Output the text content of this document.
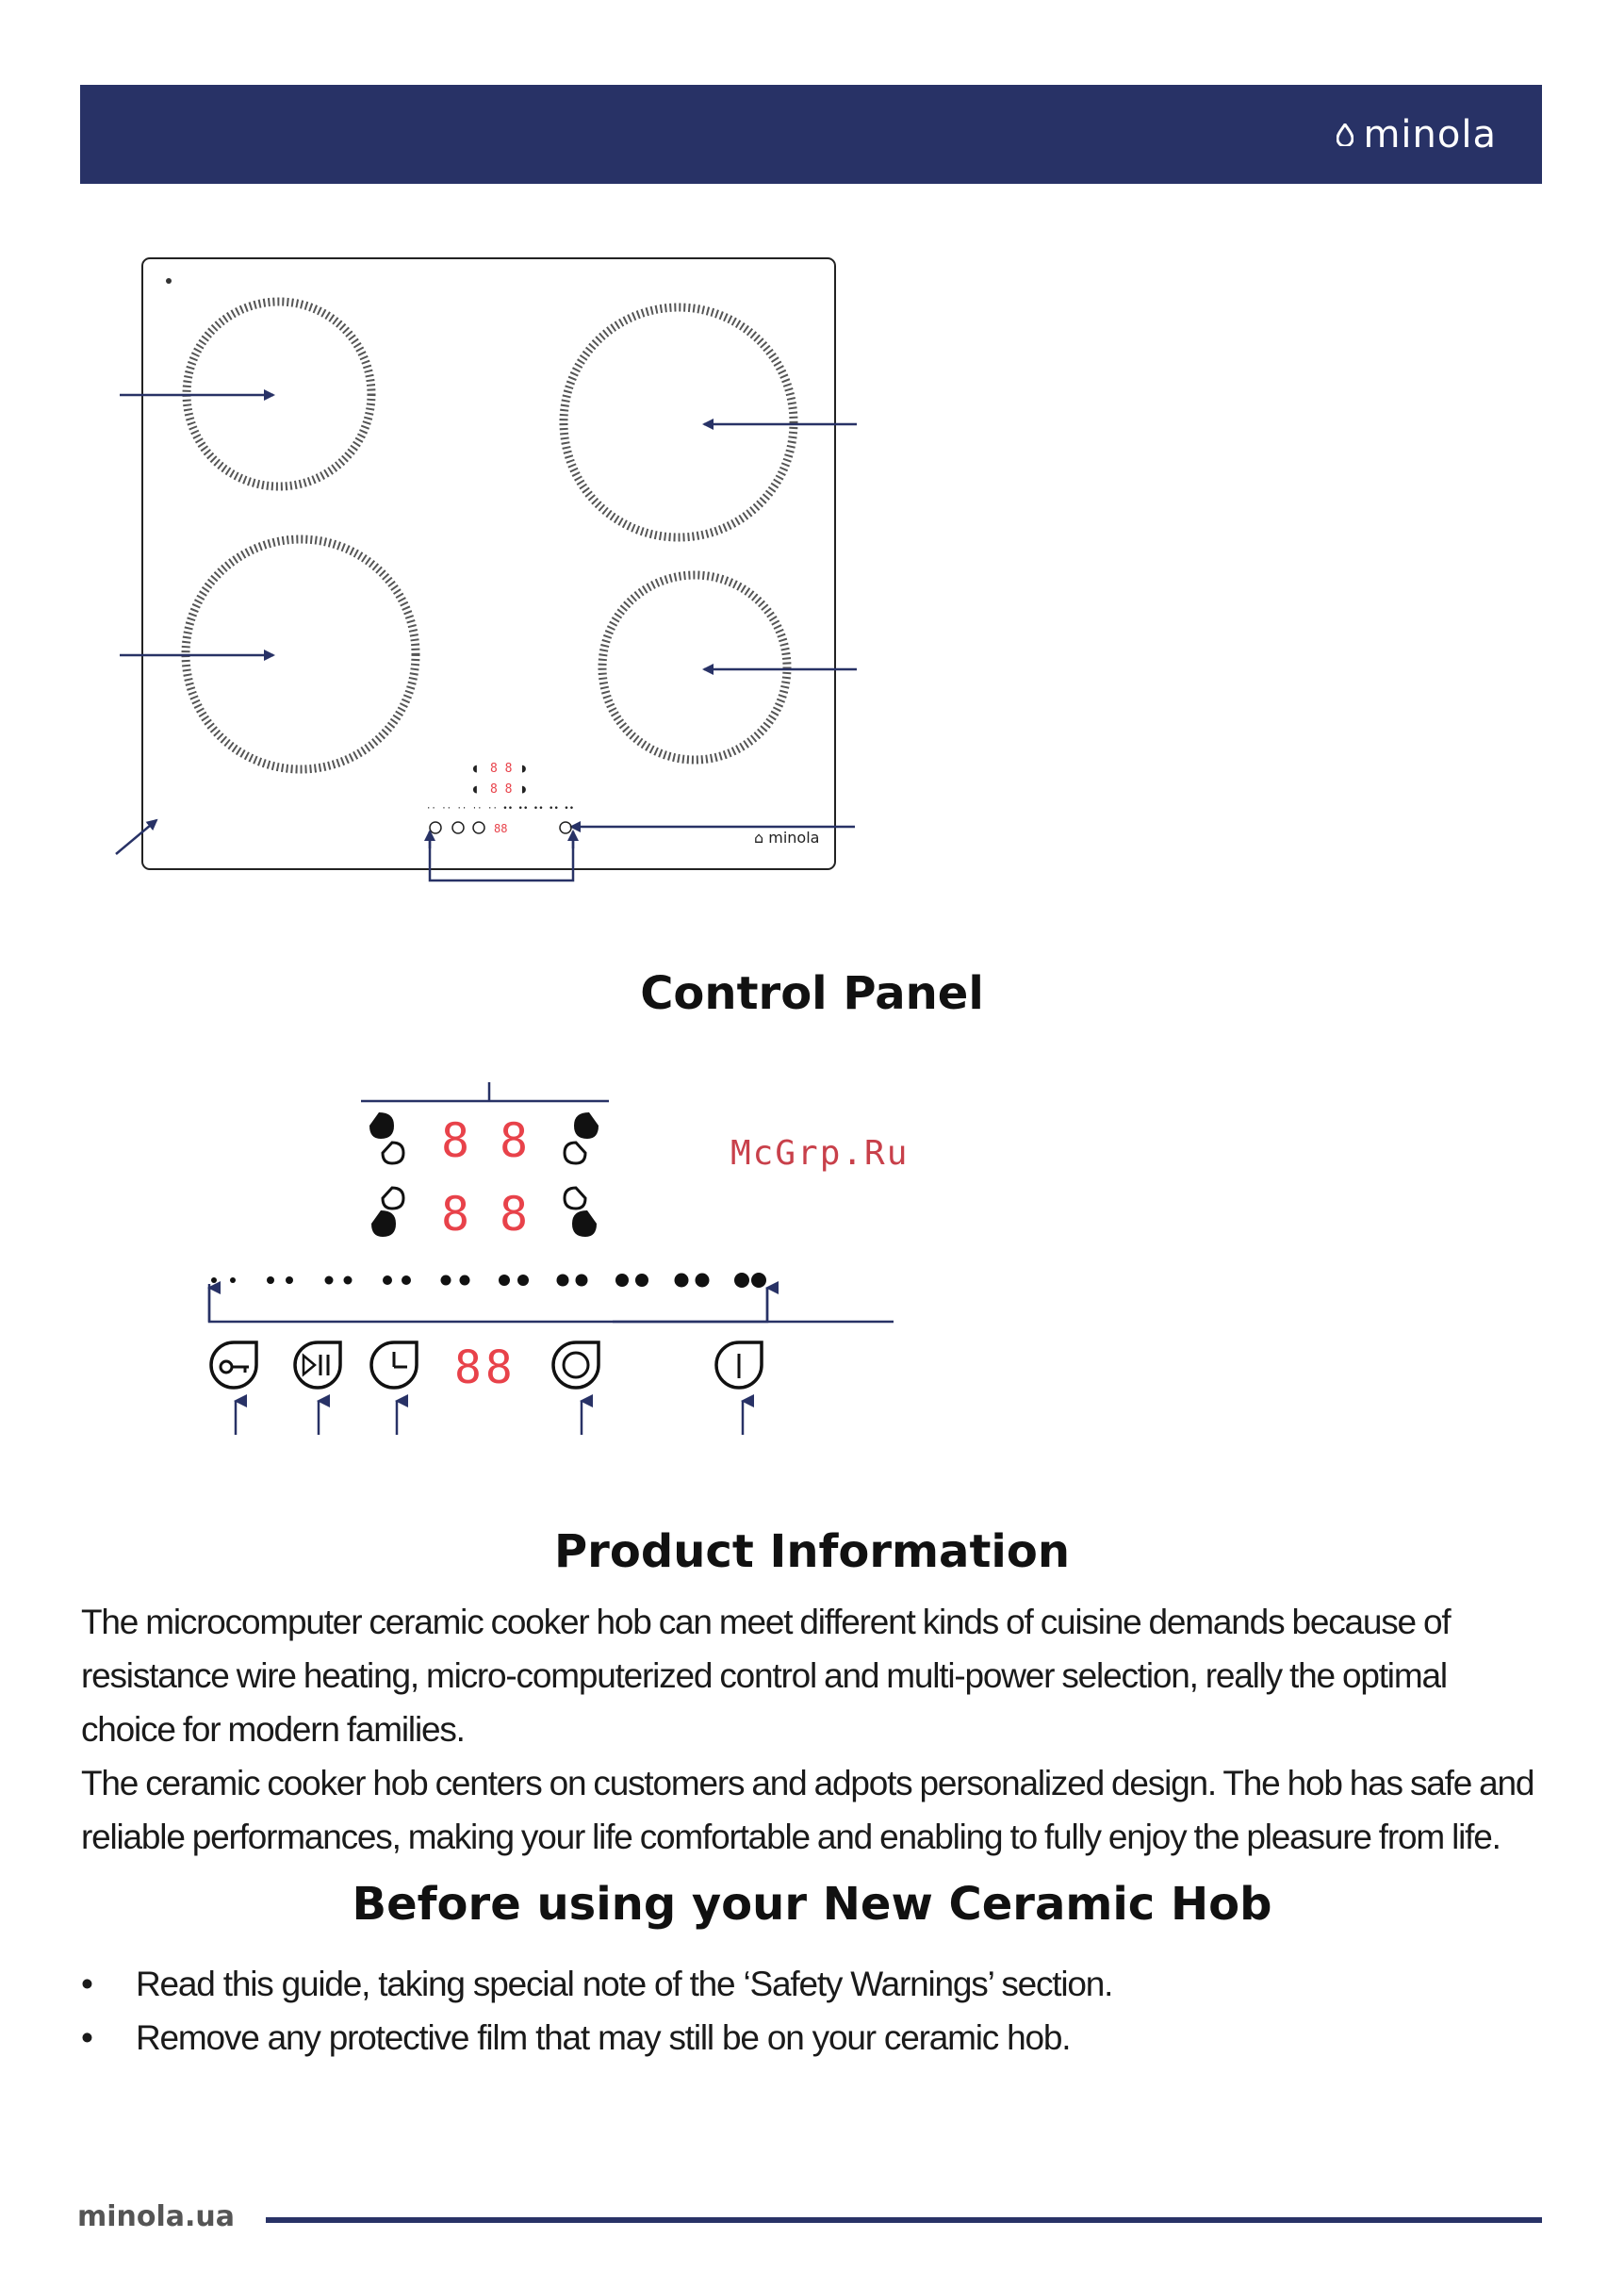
minola
◖ 8 8 ◗
◖ 8 8 ◗
·· ·· ·· ·· ·· •• •• •• •• ••
88	⌂ minola
Control Panel
8 8
8 8
88
McGrp.Ru
Product Information

The microcomputer ceramic cooker hob can meet different kinds of cuisine demands because of resistance wire heating, micro-computerized control and multi-power selection, really the optimal choice for modern families.

The ceramic cooker hob centers on customers and adpots personalized design. The hob has safe and reliable performances, making your life comfortable and enabling to fully enjoy the pleasure from life.

Before using your New Ceramic Hob
• Read this guide, taking special note of the ‘Safety Warnings’ section.
• Remove any protective film that may still be on your ceramic hob.
minola.ua
